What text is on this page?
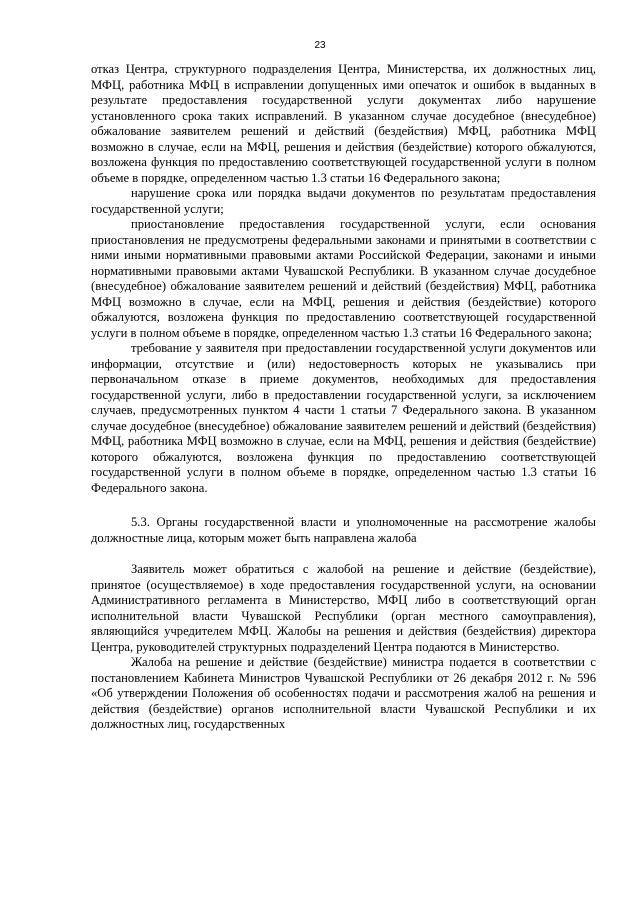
23

отказ Центра, структурного подразделения Центра, Министерства, их должностных лиц, МФЦ, работника МФЦ в исправлении допущенных ими опечаток и ошибок в выданных в результате предоставления государственной услуги документах либо нарушение установленного срока таких исправлений. В указанном случае досудебное (внесудебное) обжалование заявителем решений и действий (бездействия) МФЦ, работника МФЦ возможно в случае, если на МФЦ, решения и действия (бездействие) которого обжалуются, возложена функция по предоставлению соответствующей государственной услуги в полном объеме в порядке, определенном частью 1.3 статьи 16 Федерального закона;

нарушение срока или порядка выдачи документов по результатам предоставления государственной услуги;

приостановление предоставления государственной услуги, если основания приостановления не предусмотрены федеральными законами и принятыми в соответствии с ними иными нормативными правовыми актами Российской Федерации, законами и иными нормативными правовыми актами Чувашской Республики. В указанном случае досудебное (внесудебное) обжалование заявителем решений и действий (бездействия) МФЦ, работника МФЦ возможно в случае, если на МФЦ, решения и действия (бездействие) которого обжалуются, возложена функция по предоставлению соответствующей государственной услуги в полном объеме в порядке, определенном частью 1.3 статьи 16 Федерального закона;

требование у заявителя при предоставлении государственной услуги документов или информации, отсутствие и (или) недостоверность которых не указывались при первоначальном отказе в приеме документов, необходимых для предоставления государственной услуги, либо в предоставлении государственной услуги, за исключением случаев, предусмотренных пунктом 4 части 1 статьи 7 Федерального закона. В указанном случае досудебное (внесудебное) обжалование заявителем решений и действий (бездействия) МФЦ, работника МФЦ возможно в случае, если на МФЦ, решения и действия (бездействие) которого обжалуются, возложена функция по предоставлению соответствующей государственной услуги в полном объеме в порядке, определенном частью 1.3 статьи 16 Федерального закона.

5.3. Органы государственной власти и уполномоченные на рассмотрение жалобы должностные лица, которым может быть направлена жалоба

Заявитель может обратиться с жалобой на решение и действие (бездействие), принятое (осуществляемое) в ходе предоставления государственной услуги, на основании Административного регламента в Министерство, МФЦ либо в соответствующий орган исполнительной власти Чувашской Республики (орган местного самоуправления), являющийся учредителем МФЦ. Жалобы на решения и действия (бездействия) директора Центра, руководителей структурных подразделений Центра подаются в Министерство.

Жалоба на решение и действие (бездействие) министра подается в соответствии с постановлением Кабинета Министров Чувашской Республики от 26 декабря 2012 г. № 596 «Об утверждении Положения об особенностях подачи и рассмотрения жалоб на решения и действия (бездействие) органов исполнительной власти Чувашской Республики и их должностных лиц, государственных
